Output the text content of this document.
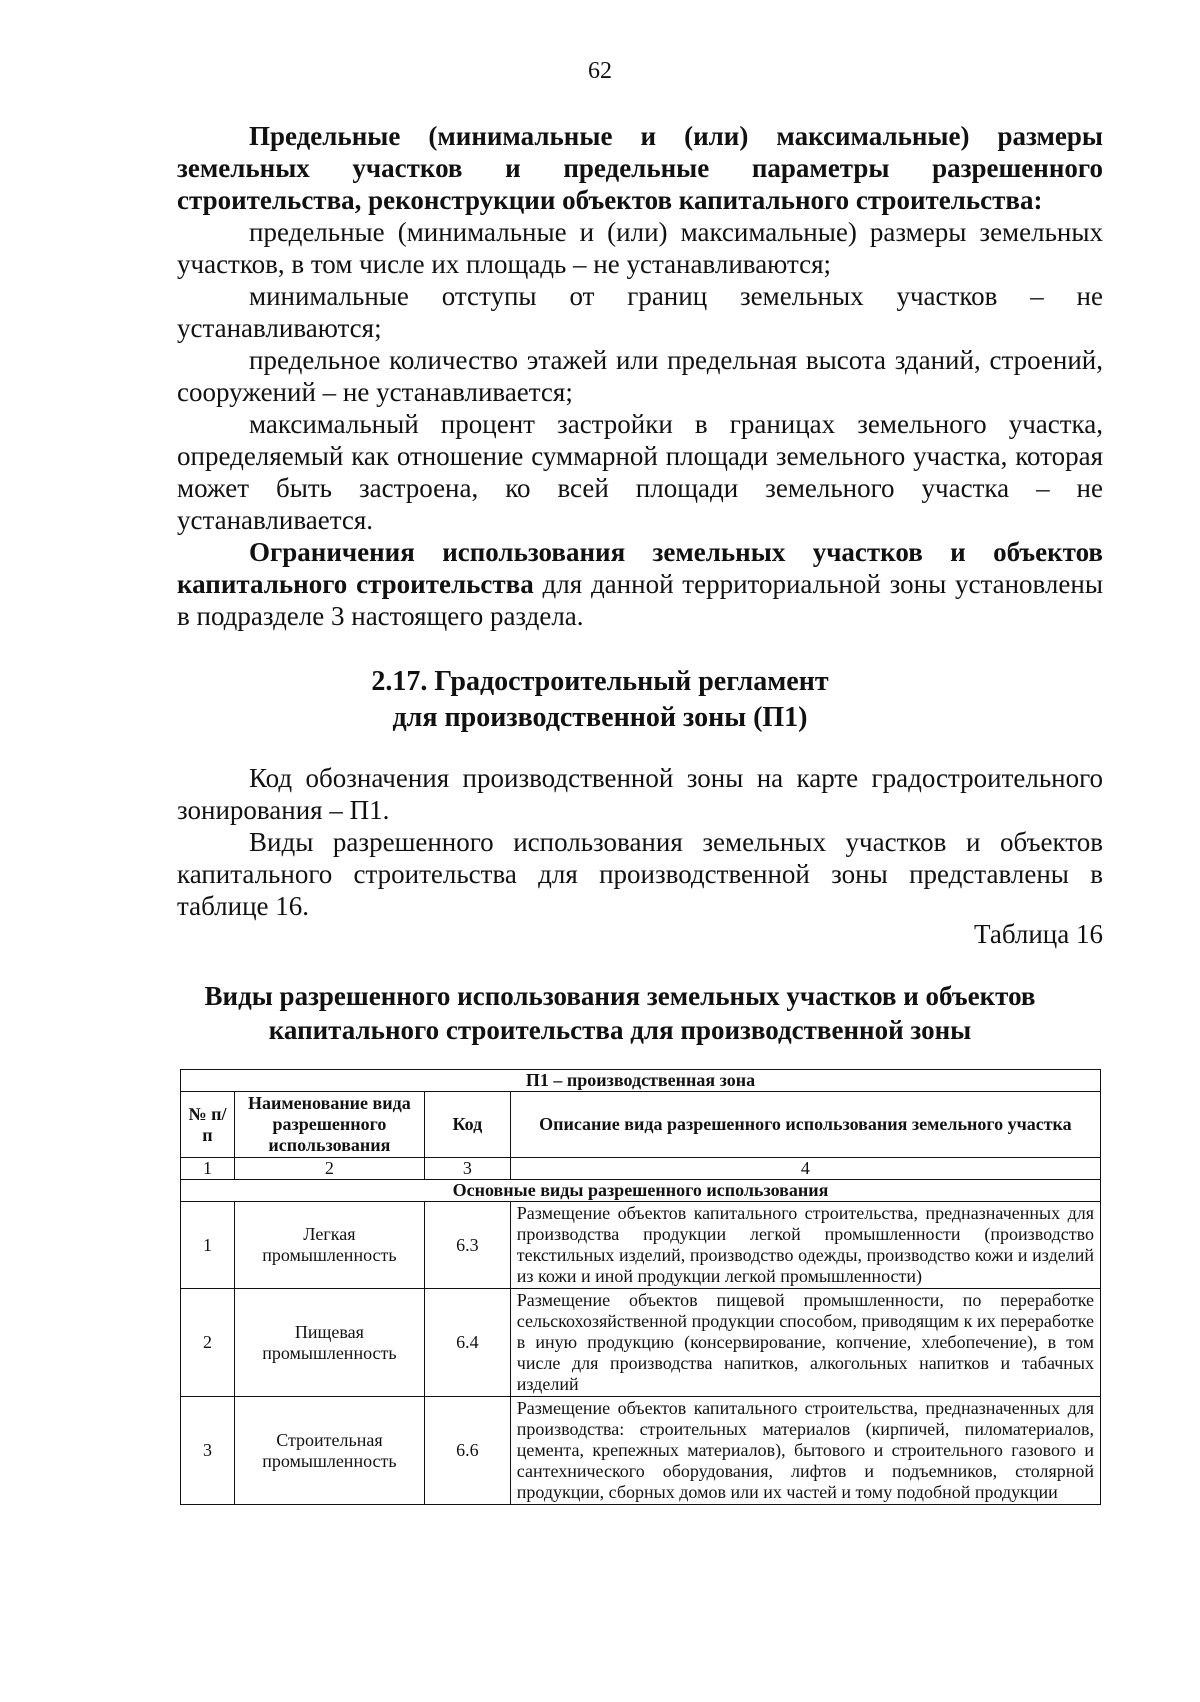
62

Предельные (минимальные и (или) максимальные) размеры земельных участков и предельные параметры разрешенного строительства, реконструкции объектов капитального строительства:

предельные (минимальные и (или) максимальные) размеры земельных участков, в том числе их площадь – не устанавливаются;

минимальные отступы от границ земельных участков – не устанавливаются;

предельное количество этажей или предельная высота зданий, строений, сооружений – не устанавливается;

максимальный процент застройки в границах земельного участка, определяемый как отношение суммарной площади земельного участка, которая может быть застроена, ко всей площади земельного участка – не устанавливается.

Ограничения использования земельных участков и объектов капитального строительства для данной территориальной зоны установлены в подразделе 3 настоящего раздела.

2.17. Градостроительный регламент
для производственной зоны (П1)

Код обозначения производственной зоны на карте градостроительного зонирования – П1.

Виды разрешенного использования земельных участков и объектов капитального строительства для производственной зоны представлены в таблице 16.

Таблица 16
Виды разрешенного использования земельных участков и объектов
капитального строительства для производственной зоны
П1 – производственная зона			
№ п/п	Наименование вида разрешенного использования	Код	Описание вида разрешенного использования земельного участка
1	2	3	4
Основные виды разрешенного использования			
1	Легкая промышленность	6.3	Размещение объектов капитального строительства, предназначенных для производства продукции легкой промышленности (производство текстильных изделий, производство одежды, производство кожи и изделий из кожи и иной продукции легкой промышленности)
2	Пищевая промышленность	6.4	Размещение объектов пищевой промышленности, по переработке сельскохозяйственной продукции способом, приводящим к их переработке в иную продукцию (консервирование, копчение, хлебопечение), в том числе для производства напитков, алкогольных напитков и табачных изделий
3	Строительная промышленность	6.6	Размещение объектов капитального строительства, предназначенных для производства: строительных материалов (кирпичей, пиломатериалов, цемента, крепежных материалов), бытового и строительного газового и сантехнического оборудования, лифтов и подъемников, столярной продукции, сборных домов или их частей и тому подобной продукции
